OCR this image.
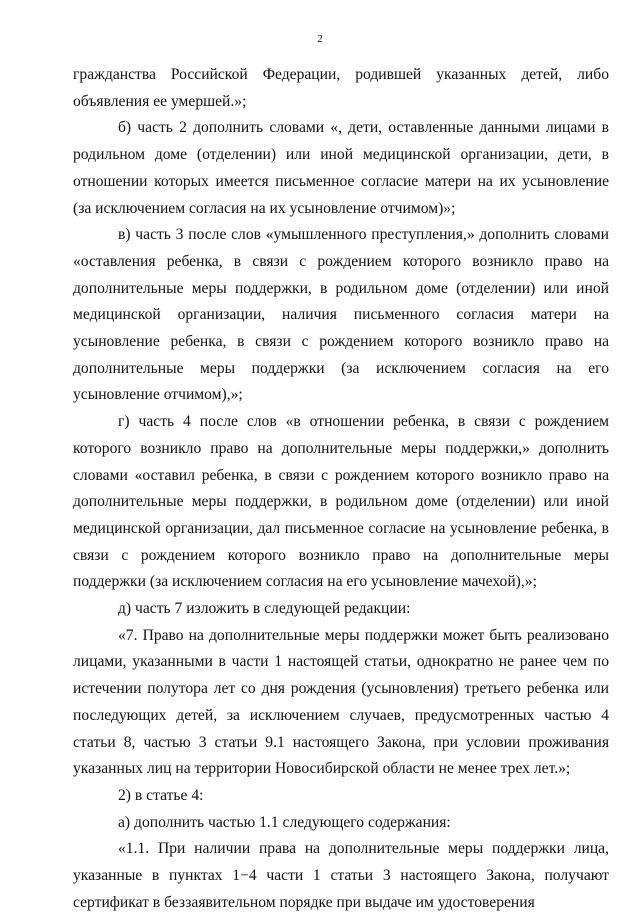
2

гражданства Российской Федерации, родившей указанных детей, либо объявления ее умершей.»;

б) часть 2 дополнить словами «, дети, оставленные данными лицами в родильном доме (отделении) или иной медицинской организации, дети, в отношении которых имеется письменное согласие матери на их усыновление (за исключением согласия на их усыновление отчимом)»;

в) часть 3 после слов «умышленного преступления,» дополнить словами «оставления ребенка, в связи с рождением которого возникло право на дополнительные меры поддержки, в родильном доме (отделении) или иной медицинской организации, наличия письменного согласия матери на усыновление ребенка, в связи с рождением которого возникло право на дополнительные меры поддержки (за исключением согласия на его усыновление отчимом),»;

г) часть 4 после слов «в отношении ребенка, в связи с рождением которого возникло право на дополнительные меры поддержки,» дополнить словами «оставил ребенка, в связи с рождением которого возникло право на дополнительные меры поддержки, в родильном доме (отделении) или иной медицинской организации, дал письменное согласие на усыновление ребенка, в связи с рождением которого возникло право на дополнительные меры поддержки (за исключением согласия на его усыновление мачехой),»;

д) часть 7 изложить в следующей редакции:

«7. Право на дополнительные меры поддержки может быть реализовано лицами, указанными в части 1 настоящей статьи, однократно не ранее чем по истечении полутора лет со дня рождения (усыновления) третьего ребенка или последующих детей, за исключением случаев, предусмотренных частью 4 статьи 8, частью 3 статьи 9.1 настоящего Закона, при условии проживания указанных лиц на территории Новосибирской области не менее трех лет.»;

2) в статье 4:

а) дополнить частью 1.1 следующего содержания:

«1.1. При наличии права на дополнительные меры поддержки лица, указанные в пунктах 1−4 части 1 статьи 3 настоящего Закона, получают сертификат в беззаявительном порядке при выдаче им удостоверения
